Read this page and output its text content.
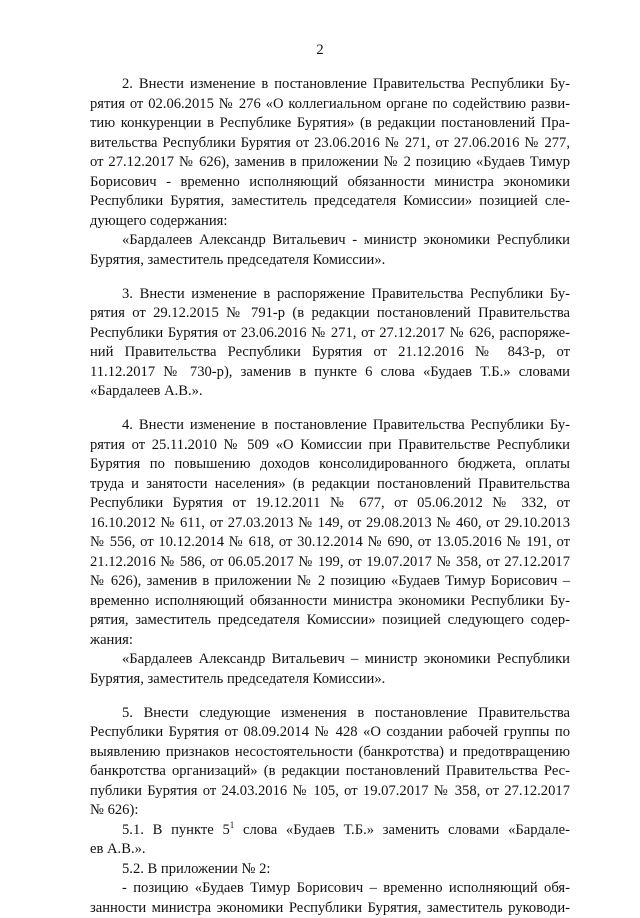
2
2. Внести изменение в постановление Правительства Республики Бу-
рятия от 02.06.2015 № 276 «О коллегиальном органе по содействию разви-
тию конкуренции в Республике Бурятия» (в редакции постановлений Пра-
вительства Республики Бурятия от 23.06.2016 № 271, от 27.06.2016 № 277,
от 27.12.2017 № 626), заменив в приложении № 2 позицию «Будаев Тимур
Борисович - временно исполняющий обязанности министра экономики
Республики Бурятия, заместитель председателя Комиссии» позицией сле-
дующего содержания:
«Бардалеев Александр Витальевич - министр экономики Республики
Бурятия, заместитель председателя Комиссии».
3. Внести изменение в распоряжение Правительства Республики Бу-
рятия от 29.12.2015 № 791-р (в редакции постановлений Правительства
Республики Бурятия от 23.06.2016 № 271, от 27.12.2017 № 626, распоряже-
ний Правительства Республики Бурятия от 21.12.2016 № 843-р, от
11.12.2017 № 730-р), заменив в пункте 6 слова «Будаев Т.Б.» словами
«Бардалеев А.В.».
4. Внести изменение в постановление Правительства Республики Бу-
рятия от 25.11.2010 № 509 «О Комиссии при Правительстве Республики
Бурятия по повышению доходов консолидированного бюджета, оплаты
труда и занятости населения» (в редакции постановлений Правительства
Республики Бурятия от 19.12.2011 № 677, от 05.06.2012 № 332, от
16.10.2012 № 611, от 27.03.2013 № 149, от 29.08.2013 № 460, от 29.10.2013
№ 556, от 10.12.2014 № 618, от 30.12.2014 № 690, от 13.05.2016 № 191, от
21.12.2016 № 586, от 06.05.2017 № 199, от 19.07.2017 № 358, от 27.12.2017
№ 626), заменив в приложении № 2 позицию «Будаев Тимур Борисович –
временно исполняющий обязанности министра экономики Республики Бу-
рятия, заместитель председателя Комиссии» позицией следующего содер-
жания:
«Бардалеев Александр Витальевич – министр экономики Республики
Бурятия, заместитель председателя Комиссии».
5. Внести следующие изменения в постановление Правительства
Республики Бурятия от 08.09.2014 № 428 «О создании рабочей группы по
выявлению признаков несостоятельности (банкротства) и предотвращению
банкротства организаций» (в редакции постановлений Правительства Рес-
публики Бурятия от 24.03.2016 № 105, от 19.07.2017 № 358, от 27.12.2017
№ 626):
5.1. В пункте $5^1$ слова «Будаев Т.Б.» заменить словами «Бардале-
ев А.В.».
5.2. В приложении № 2:
- позицию «Будаев Тимур Борисович – временно исполняющий обя-
занности министра экономики Республики Бурятия, заместитель руководи-
